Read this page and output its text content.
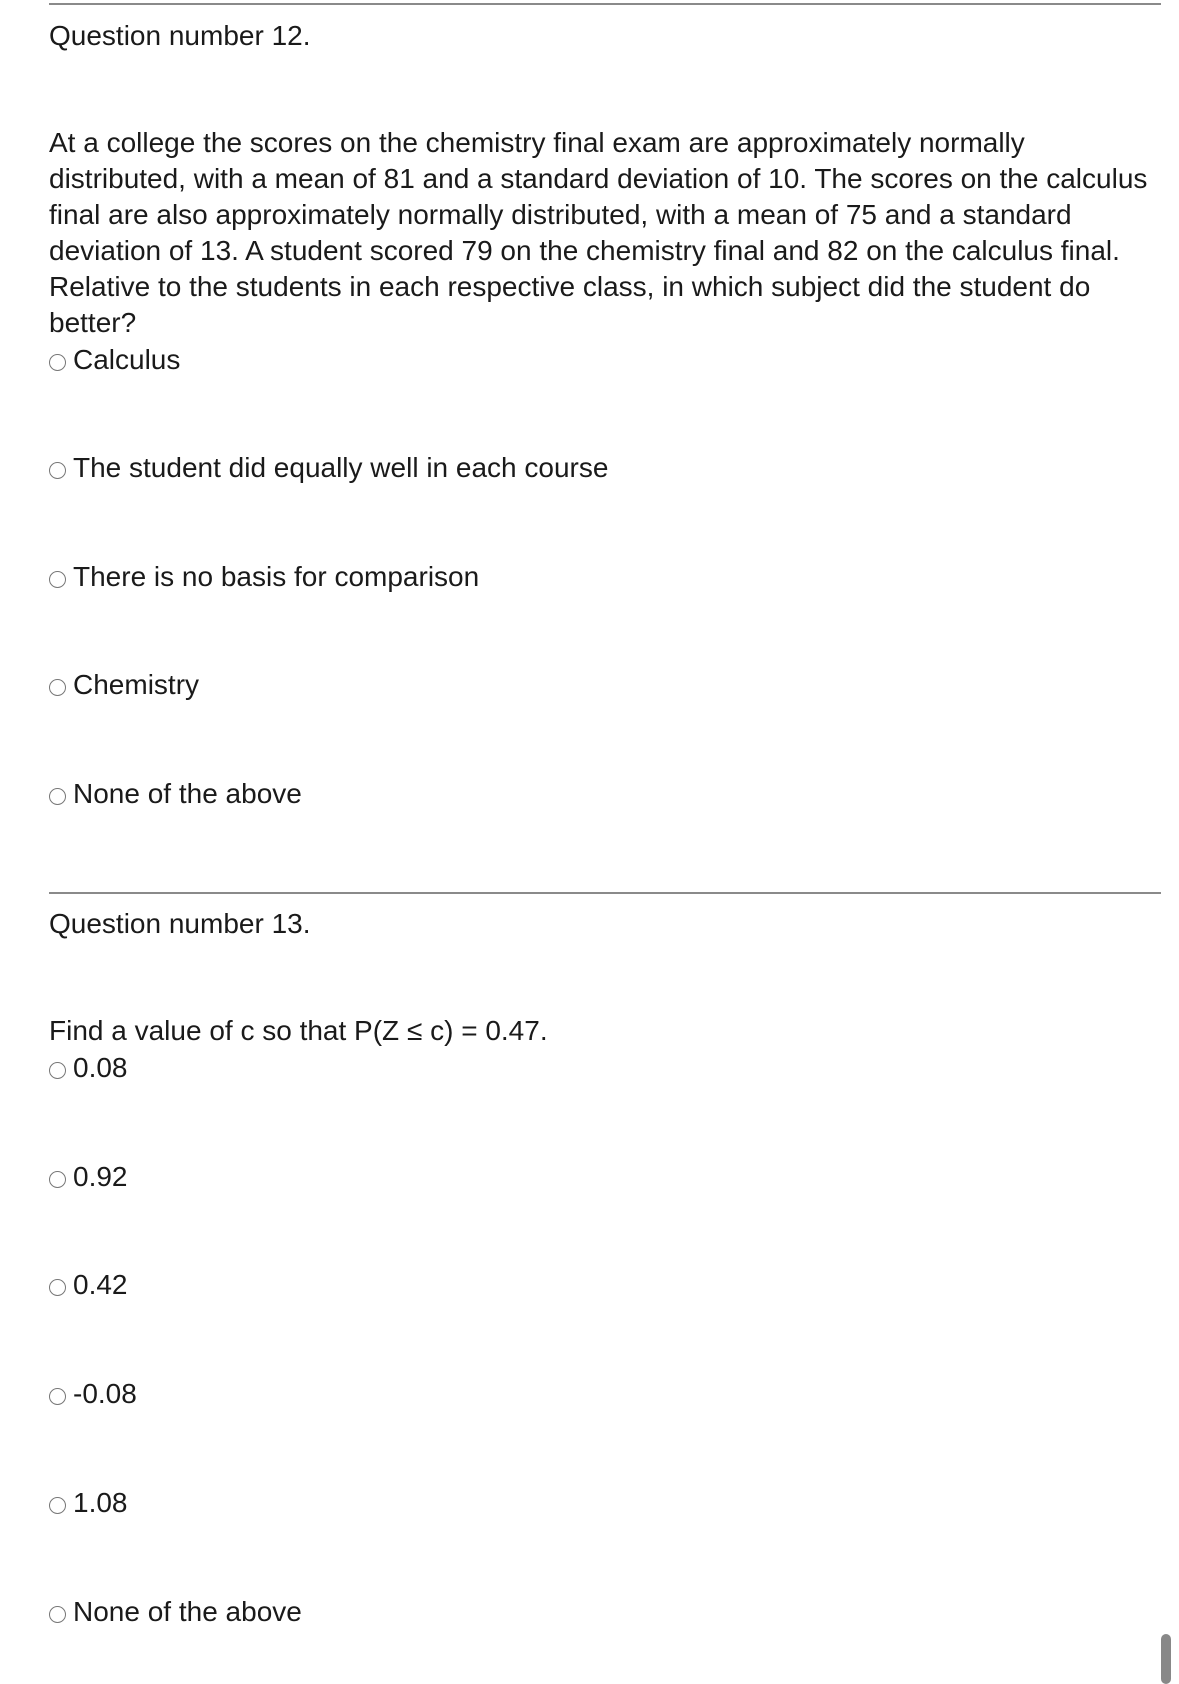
Question number 12.
At a college the scores on the chemistry final exam are approximately normally distributed, with a mean of 81 and a standard deviation of 10. The scores on the calculus final are also approximately normally distributed, with a mean of 75 and a standard deviation of 13. A student scored 79 on the chemistry final and 82 on the calculus final. Relative to the students in each respective class, in which subject did the student do better?
Calculus
The student did equally well in each course
There is no basis for comparison
Chemistry
None of the above
Question number 13.
Find a value of c so that P(Z ≤ c) = 0.47.
0.08
0.92
0.42
-0.08
1.08
None of the above
